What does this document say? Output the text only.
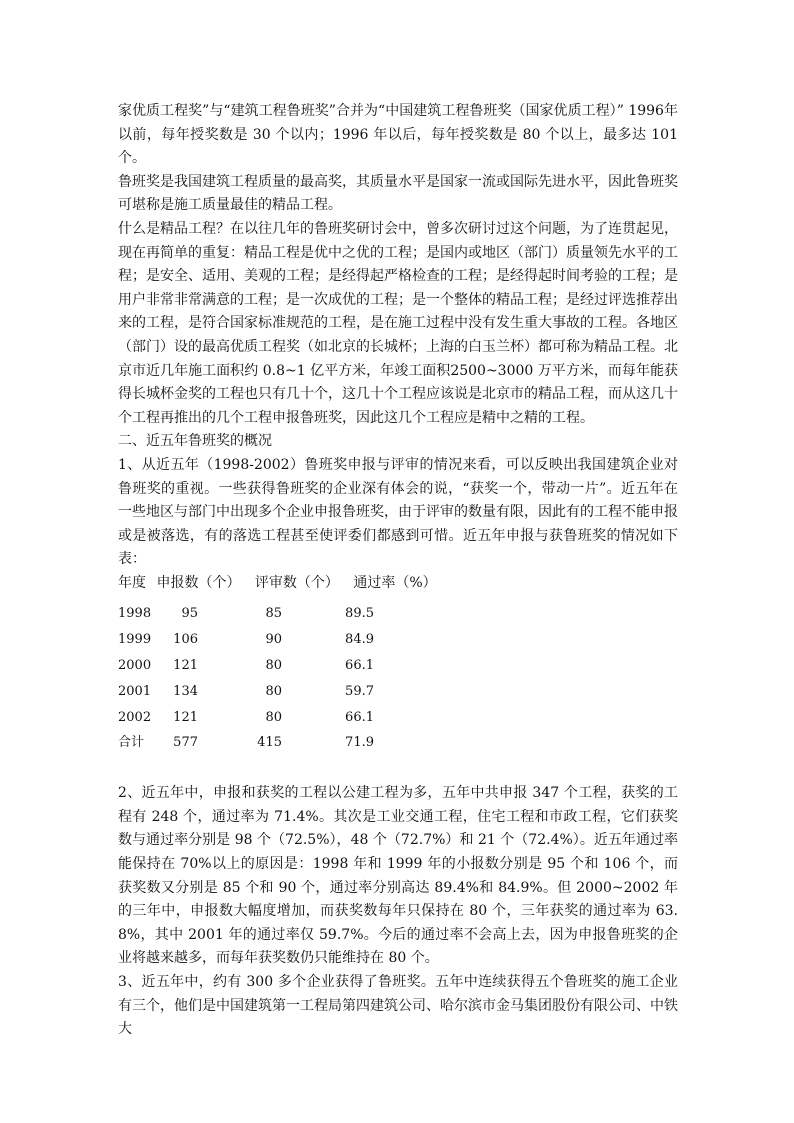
家优质工程奖”与“建筑工程鲁班奖”合并为“中国建筑工程鲁班奖（国家优质工程）” 1996年以前，每年授奖数是 30 个以内；1996 年以后，每年授奖数是 80 个以上，最多达 101 个。

鲁班奖是我国建筑工程质量的最高奖，其质量水平是国家一流或国际先进水平，因此鲁班奖可堪称是施工质量最佳的精品工程。

什么是精品工程？在以往几年的鲁班奖研讨会中，曾多次研讨过这个问题，为了连贯起见，现在再简单的重复：精品工程是优中之优的工程；是国内或地区（部门）质量领先水平的工程；是安全、适用、美观的工程；是经得起严格检查的工程；是经得起时间考验的工程；是用户非常非常满意的工程；是一次成优的工程；是一个整体的精品工程；是经过评选推荐出来的工程，是符合国家标准规范的工程，是在施工过程中没有发生重大事故的工程。各地区（部门）设的最高优质工程奖（如北京的长城杯；上海的白玉兰杯）都可称为精品工程。北京市近几年施工面积约 0.8~1 亿平方米，年竣工面积2500~3000 万平方米，而每年能获得长城杯金奖的工程也只有几十个，这几十个工程应该说是北京市的精品工程，而从这几十个工程再推出的几个工程申报鲁班奖，因此这几个工程应是精中之精的工程。

二、近五年鲁班奖的概况

1、从近五年（1998-2002）鲁班奖申报与评审的情况来看，可以反映出我国建筑企业对鲁班奖的重视。一些获得鲁班奖的企业深有体会的说，“获奖一个，带动一片”。近五年在一些地区与部门中出现多个企业申报鲁班奖，由于评审的数量有限，因此有的工程不能申报或是被落选，有的落选工程甚至使评委们都感到可惜。近五年申报与获鲁班奖的情况如下表：

年度 申报数（个） 评审数（个） 通过率（%）
1998	95	85	89.5
1999	106	90	84.9
2000	121	80	66.1
2001	134	80	59.7
2002	121	80	66.1
合计	577	415	71.9

2、近五年中，申报和获奖的工程以公建工程为多，五年中共申报 347 个工程，获奖的工程有 248 个，通过率为 71.4%。其次是工业交通工程，住宅工程和市政工程，它们获奖数与通过率分别是 98 个（72.5%），48 个（72.7%）和 21 个（72.4%）。近五年通过率能保持在 70%以上的原因是：1998 年和 1999 年的小报数分别是 95 个和 106 个，而获奖数又分别是 85 个和 90 个，通过率分别高达 89.4%和 84.9%。但 2000~2002 年的三年中，申报数大幅度增加，而获奖数每年只保持在 80 个，三年获奖的通过率为 63.8%，其中 2001 年的通过率仅 59.7%。今后的通过率不会高上去，因为申报鲁班奖的企业将越来越多，而每年获奖数仍只能维持在 80 个。

3、近五年中，约有 300 多个企业获得了鲁班奖。五年中连续获得五个鲁班奖的施工企业有三个，他们是中国建筑第一工程局第四建筑公司、哈尔滨市金马集团股份有限公司、中铁大
